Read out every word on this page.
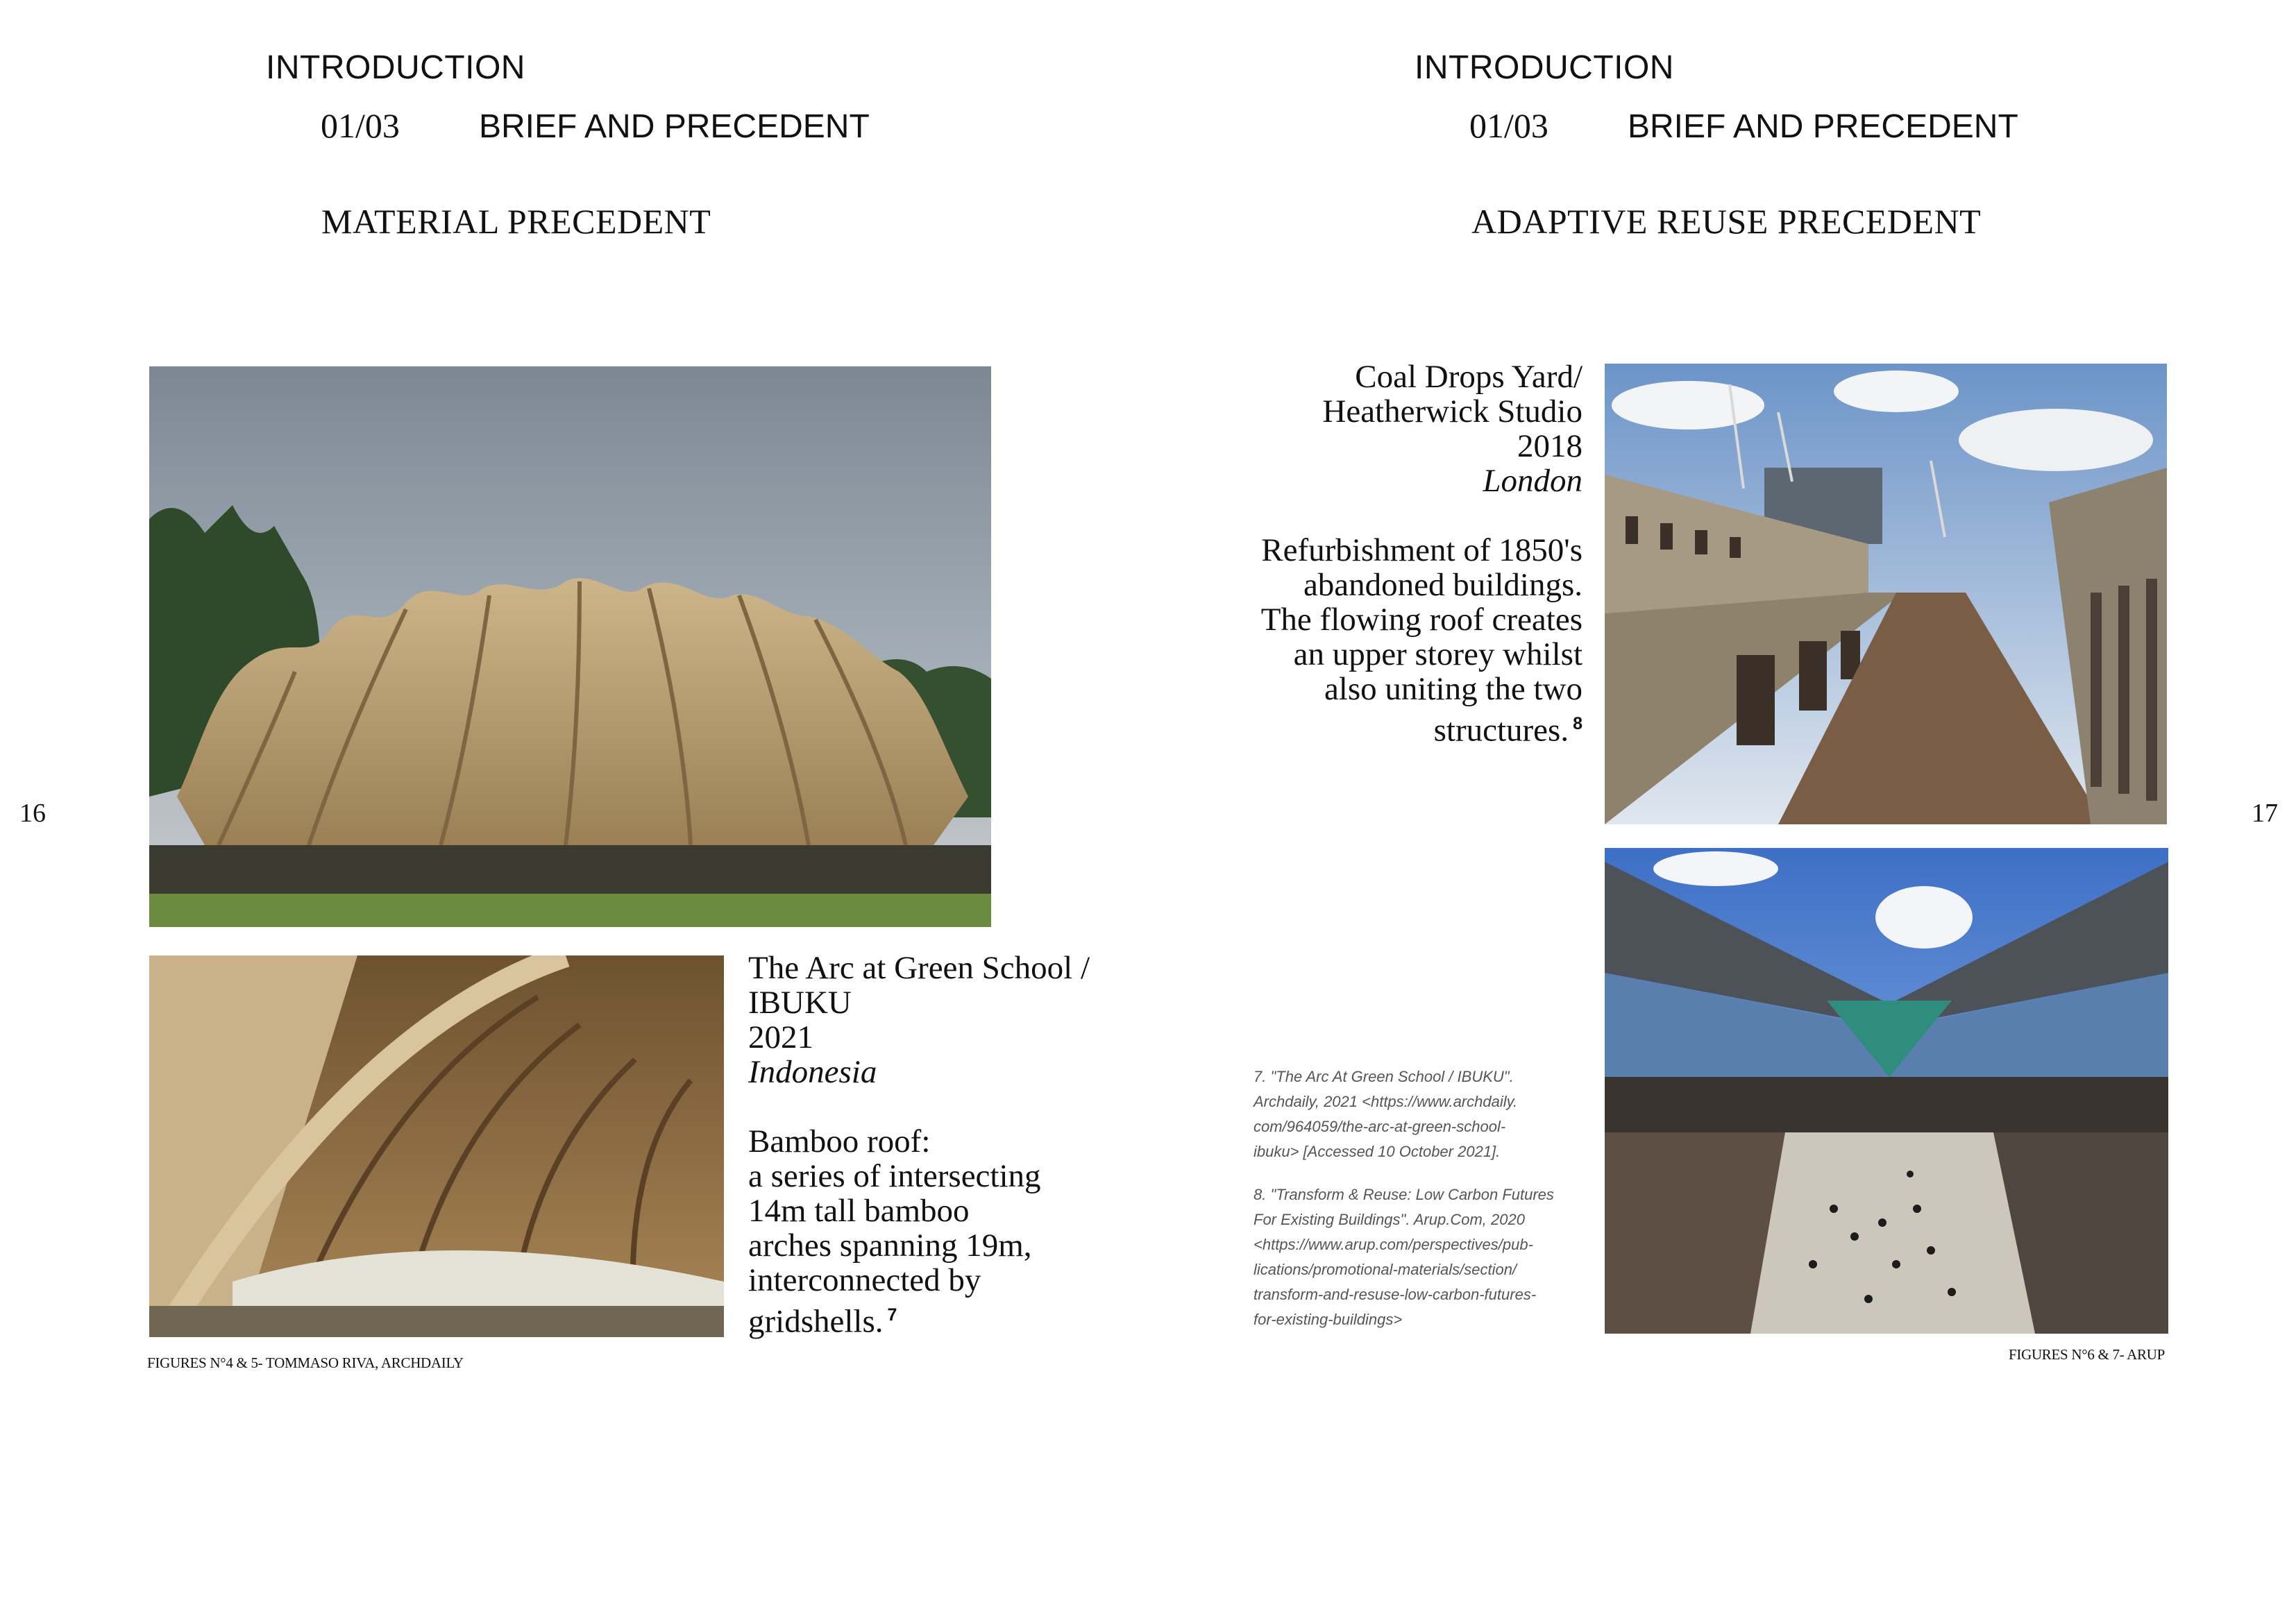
INTRODUCTION
01/03 BRIEF AND PRECEDENT
MATERIAL PRECEDENT
16
The Arc at Green School /
IBUKU
2021
Indonesia
Bamboo roof:
a series of intersecting
14m tall bamboo
arches spanning 19m,
interconnected by
gridshells. $^7$
FIGURES N°4 & 5- TOMMASO RIVA, ARCHDAILY
INTRODUCTION
01/03 BRIEF AND PRECEDENT
ADAPTIVE REUSE PRECEDENT
17
Coal Drops Yard/
Heatherwick Studio
2018
London
Refurbishment of 1850's
abandoned buildings.
The flowing roof creates
an upper storey whilst
also uniting the two
structures. $^8$
7. "The Arc At Green School / IBUKU".
Archdaily, 2021 <https://www.archdaily.
com/964059/the-arc-at-green-school-
ibuku> [Accessed 10 October 2021].
8. "Transform & Reuse: Low Carbon Futures
For Existing Buildings". Arup.Com, 2020
<https://www.arup.com/perspectives/pub-
lications/promotional-materials/section/
transform-and-resuse-low-carbon-futures-
for-existing-buildings>
FIGURES N°6 & 7- ARUP
